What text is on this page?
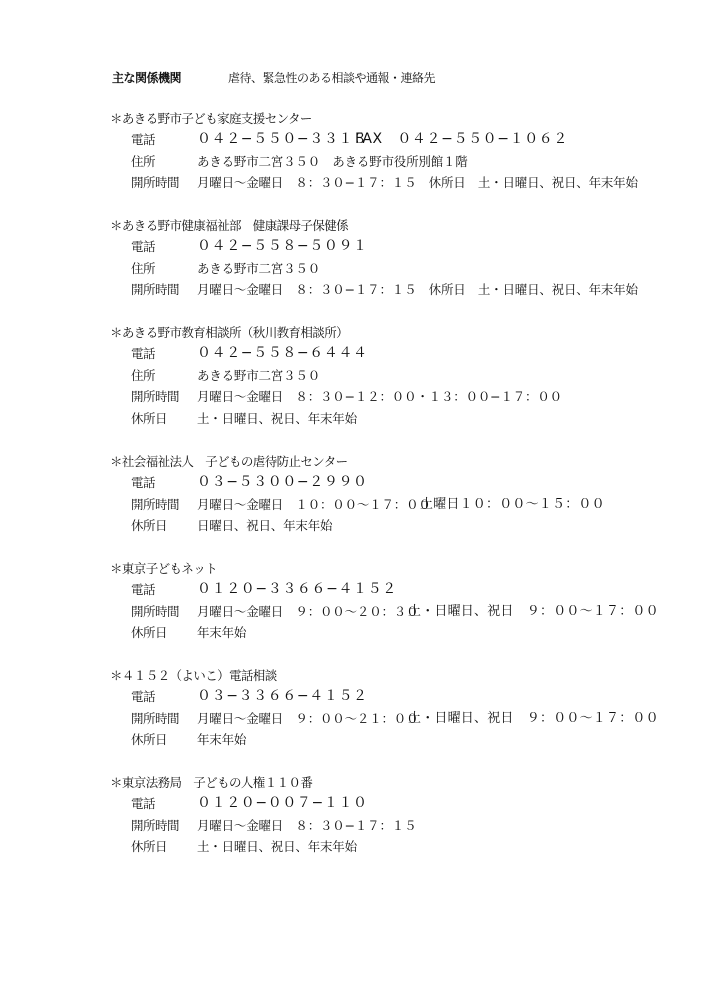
主な関係機関	虐待、緊急性のある相談や通報・連絡先
＊あきる野市子ども家庭支援センター
電話	０４２−５５０−３３１３
FAX　０４２−５５０−１０６２
住所	あきる野市二宮３５０　あきる野市役所別館１階
開所時間 月曜日〜金曜日　８：３０−１７：１５　休所日　土・日曜日、祝日、年末年始
＊あきる野市健康福祉部　健康課母子保健係
電話	０４２−５５８−５０９１
住所	あきる野市二宮３５０
開所時間 月曜日〜金曜日　８：３０−１７：１５　休所日　土・日曜日、祝日、年末年始
＊あきる野市教育相談所（秋川教育相談所）
電話	０４２−５５８−６４４４
住所	あきる野市二宮３５０
開所時間 月曜日〜金曜日　８：３０−１２：００・１３：００−１７：００
休所日 土・日曜日、祝日、年末年始
＊社会福祉法人　子どもの虐待防止センター
電話	０３−５３００−２９９０
開所時間 月曜日〜金曜日　１０：００〜１７：００
土曜日１０：００〜１５：００
休所日 日曜日、祝日、年末年始
＊東京子どもネット
電話	０１２０−３３６６−４１５２
開所時間 月曜日〜金曜日　９：００〜２０：３０
土・日曜日、祝日　９：００〜１７：００
休所日 年末年始
＊４１５２（よいこ）電話相談
電話	０３−３３６６−４１５２
開所時間 月曜日〜金曜日　９：００〜２１：００
土・日曜日、祝日　９：００〜１７：００
休所日 年末年始
＊東京法務局　子どもの人権１１０番
電話	０１２０−００７−１１０
開所時間 月曜日〜金曜日　８：３０−１７：１５
休所日 土・日曜日、祝日、年末年始
